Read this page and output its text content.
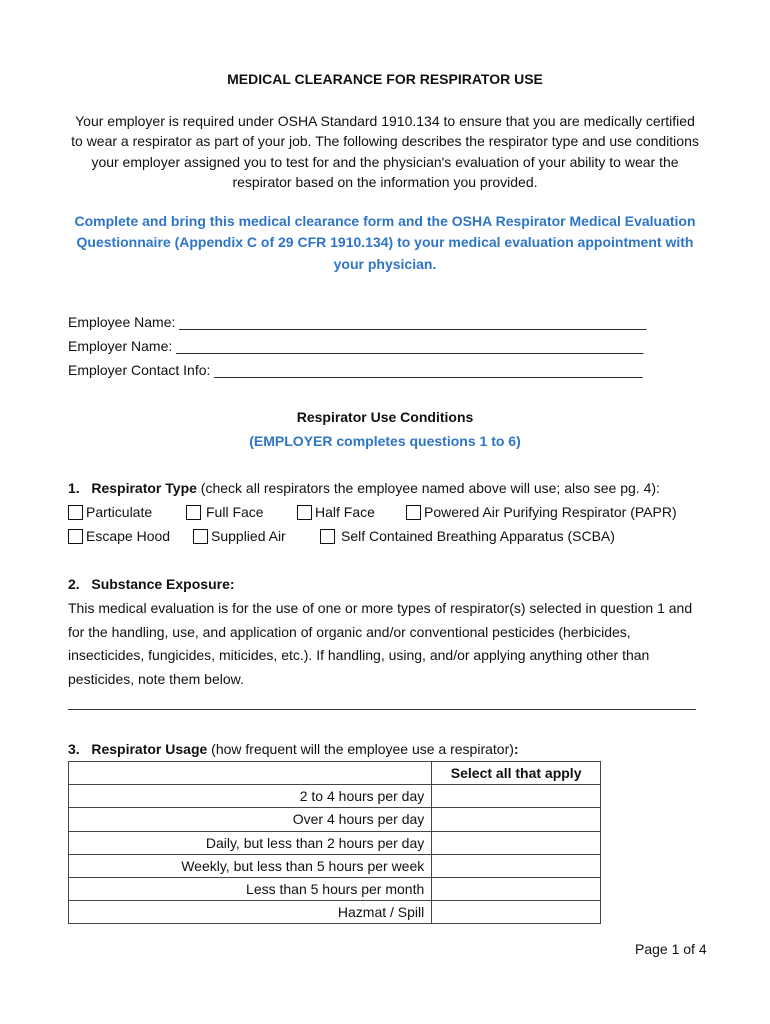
MEDICAL CLEARANCE FOR RESPIRATOR USE
Your employer is required under OSHA Standard 1910.134 to ensure that you are medically certified to wear a respirator as part of your job. The following describes the respirator type and use conditions your employer assigned you to test for and the physician's evaluation of your ability to wear the respirator based on the information you provided.
Complete and bring this medical clearance form and the OSHA Respirator Medical Evaluation Questionnaire (Appendix C of 29 CFR 1910.134) to your medical evaluation appointment with your physician.
Employee Name: ____________________________________________________________
Employer Name: ____________________________________________________________
Employer Contact Info: _______________________________________________________
Respirator Use Conditions
(EMPLOYER completes questions 1 to 6)
1. Respirator Type (check all respirators the employee named above will use; also see pg. 4):
Particulate	Full Face	Half Face	Powered Air Purifying Respirator (PAPR)
Escape Hood	Supplied Air	Self Contained Breathing Apparatus (SCBA)
2. Substance Exposure:
This medical evaluation is for the use of one or more types of respirator(s) selected in question 1 and for the handling, use, and application of organic and/or conventional pesticides (herbicides, insecticides, fungicides, miticides, etc.). If handling, using, and/or applying anything other than pesticides, note them below.
3. Respirator Usage (how frequent will the employee use a respirator):
	Select all that apply
2 to 4 hours per day	
Over 4 hours per day	
Daily, but less than 2 hours per day	
Weekly, but less than 5 hours per week	
Less than 5 hours per month	
Hazmat / Spill	
Page 1 of 4
